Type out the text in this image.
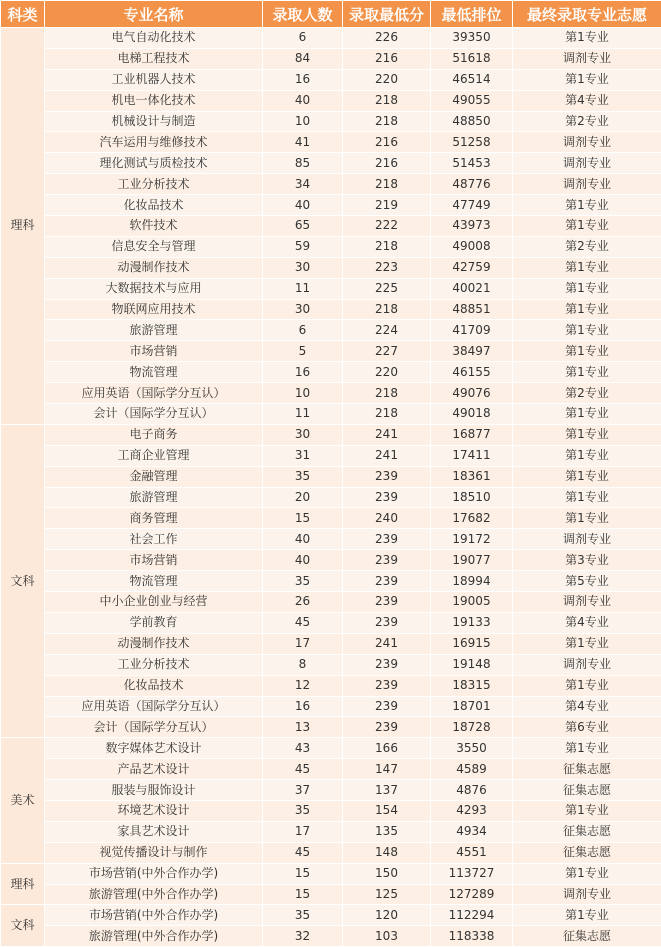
科类	专业名称	录取人数	录取最低分	最低排位	最终录取专业志愿
理科	电气自动化技术	6	226	39350	第1专业
	电梯工程技术	84	216	51618	调剂专业
	工业机器人技术	16	220	46514	第1专业
	机电一体化技术	40	218	49055	第4专业
	机械设计与制造	10	218	48850	第2专业
	汽车运用与维修技术	41	216	51258	调剂专业
	理化测试与质检技术	85	216	51453	调剂专业
	工业分析技术	34	218	48776	调剂专业
	化妆品技术	40	219	47749	第1专业
	软件技术	65	222	43973	第1专业
	信息安全与管理	59	218	49008	第2专业
	动漫制作技术	30	223	42759	第1专业
	大数据技术与应用	11	225	40021	第1专业
	物联网应用技术	30	218	48851	第1专业
	旅游管理	6	224	41709	第1专业
	市场营销	5	227	38497	第1专业
	物流管理	16	220	46155	第1专业
	应用英语（国际学分互认）	10	218	49076	第2专业
	会计（国际学分互认）	11	218	49018	第1专业
文科	电子商务	30	241	16877	第1专业
	工商企业管理	31	241	17411	第1专业
	金融管理	35	239	18361	第1专业
	旅游管理	20	239	18510	第1专业
	商务管理	15	240	17682	第1专业
	社会工作	40	239	19172	调剂专业
	市场营销	40	239	19077	第3专业
	物流管理	35	239	18994	第5专业
	中小企业创业与经营	26	239	19005	调剂专业
	学前教育	45	239	19133	第4专业
	动漫制作技术	17	241	16915	第1专业
	工业分析技术	8	239	19148	调剂专业
	化妆品技术	12	239	18315	第1专业
	应用英语（国际学分互认）	16	239	18701	第4专业
	会计（国际学分互认）	13	239	18728	第6专业
美术	数字媒体艺术设计	43	166	3550	第1专业
	产品艺术设计	45	147	4589	征集志愿
	服装与服饰设计	37	137	4876	征集志愿
	环境艺术设计	35	154	4293	第1专业
	家具艺术设计	17	135	4934	征集志愿
	视觉传播设计与制作	45	148	4551	征集志愿
理科	市场营销(中外合作办学)	15	150	113727	第1专业
	旅游管理(中外合作办学)	15	125	127289	调剂专业
文科	市场营销(中外合作办学)	35	120	112294	第1专业
	旅游管理(中外合作办学)	32	103	118338	征集志愿
